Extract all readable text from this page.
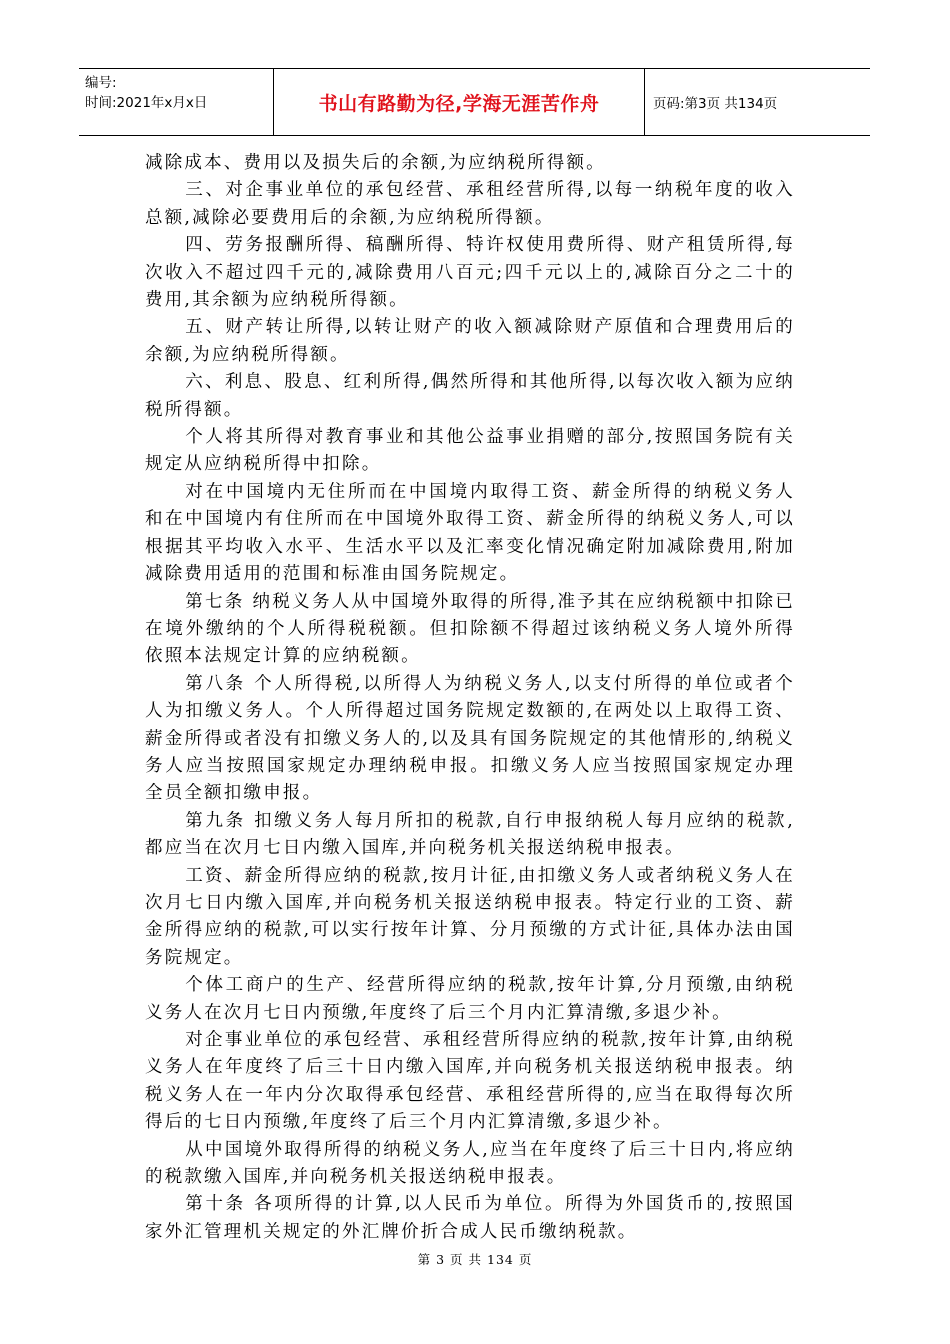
编号:
时间:2021年x月x日	书山有路勤为径,学海无涯苦作舟	页码:第3页 共134页

减除成本、费用以及损失后的余额,为应纳税所得额。

三、对企事业单位的承包经营、承租经营所得,以每一纳税年度的收入总额,减除必要费用后的余额,为应纳税所得额。

四、劳务报酬所得、稿酬所得、特许权使用费所得、财产租赁所得,每次收入不超过四千元的,减除费用八百元;四千元以上的,减除百分之二十的费用,其余额为应纳税所得额。

五、财产转让所得,以转让财产的收入额减除财产原值和合理费用后的余额,为应纳税所得额。

六、利息、股息、红利所得,偶然所得和其他所得,以每次收入额为应纳税所得额。

个人将其所得对教育事业和其他公益事业捐赠的部分,按照国务院有关规定从应纳税所得中扣除。

对在中国境内无住所而在中国境内取得工资、薪金所得的纳税义务人和在中国境内有住所而在中国境外取得工资、薪金所得的纳税义务人,可以根据其平均收入水平、生活水平以及汇率变化情况确定附加减除费用,附加减除费用适用的范围和标准由国务院规定。

第七条 纳税义务人从中国境外取得的所得,准予其在应纳税额中扣除已在境外缴纳的个人所得税税额。但扣除额不得超过该纳税义务人境外所得依照本法规定计算的应纳税额。

第八条 个人所得税,以所得人为纳税义务人,以支付所得的单位或者个人为扣缴义务人。个人所得超过国务院规定数额的,在两处以上取得工资、薪金所得或者没有扣缴义务人的,以及具有国务院规定的其他情形的,纳税义务人应当按照国家规定办理纳税申报。扣缴义务人应当按照国家规定办理全员全额扣缴申报。

第九条 扣缴义务人每月所扣的税款,自行申报纳税人每月应纳的税款,都应当在次月七日内缴入国库,并向税务机关报送纳税申报表。

工资、薪金所得应纳的税款,按月计征,由扣缴义务人或者纳税义务人在次月七日内缴入国库,并向税务机关报送纳税申报表。特定行业的工资、薪金所得应纳的税款,可以实行按年计算、分月预缴的方式计征,具体办法由国务院规定。

个体工商户的生产、经营所得应纳的税款,按年计算,分月预缴,由纳税义务人在次月七日内预缴,年度终了后三个月内汇算清缴,多退少补。

对企事业单位的承包经营、承租经营所得应纳的税款,按年计算,由纳税义务人在年度终了后三十日内缴入国库,并向税务机关报送纳税申报表。纳税义务人在一年内分次取得承包经营、承租经营所得的,应当在取得每次所得后的七日内预缴,年度终了后三个月内汇算清缴,多退少补。

从中国境外取得所得的纳税义务人,应当在年度终了后三十日内,将应纳的税款缴入国库,并向税务机关报送纳税申报表。

第十条 各项所得的计算,以人民币为单位。所得为外国货币的,按照国家外汇管理机关规定的外汇牌价折合成人民币缴纳税款。

第 3 页 共 134 页
